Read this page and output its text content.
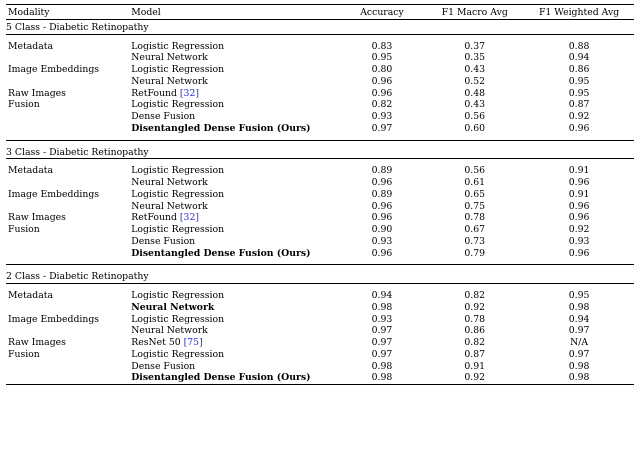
Modality	Model	Accuracy	F1 Macro Avg	F1 Weighted Avg

5 Class - Diabetic Retinopathy				

Metadata	Logistic Regression	0.83	0.37	0.88
	Neural Network	0.95	0.35	0.94
Image Embeddings	Logistic Regression	0.80	0.43	0.86
	Neural Network	0.96	0.52	0.95
Raw Images	RetFound [32]	0.96	0.48	0.95
Fusion	Logistic Regression	0.82	0.43	0.87
	Dense Fusion	0.93	0.56	0.92
	Disentangled Dense Fusion (Ours)	0.97	0.60	0.96

3 Class - Diabetic Retinopathy				

Metadata	Logistic Regression	0.89	0.56	0.91
	Neural Network	0.96	0.61	0.96
Image Embeddings	Logistic Regression	0.89	0.65	0.91
	Neural Network	0.96	0.75	0.96
Raw Images	RetFound [32]	0.96	0.78	0.96
Fusion	Logistic Regression	0.90	0.67	0.92
	Dense Fusion	0.93	0.73	0.93
	Disentangled Dense Fusion (Ours)	0.96	0.79	0.96

2 Class - Diabetic Retinopathy				

Metadata	Logistic Regression	0.94	0.82	0.95
	Neural Network	0.98	0.92	0.98
Image Embeddings	Logistic Regression	0.93	0.78	0.94
	Neural Network	0.97	0.86	0.97
Raw Images	ResNet 50 [75]	0.97	0.82	N/A
Fusion	Logistic Regression	0.97	0.87	0.97
	Dense Fusion	0.98	0.91	0.98
	Disentangled Dense Fusion (Ours)	0.98	0.92	0.98
